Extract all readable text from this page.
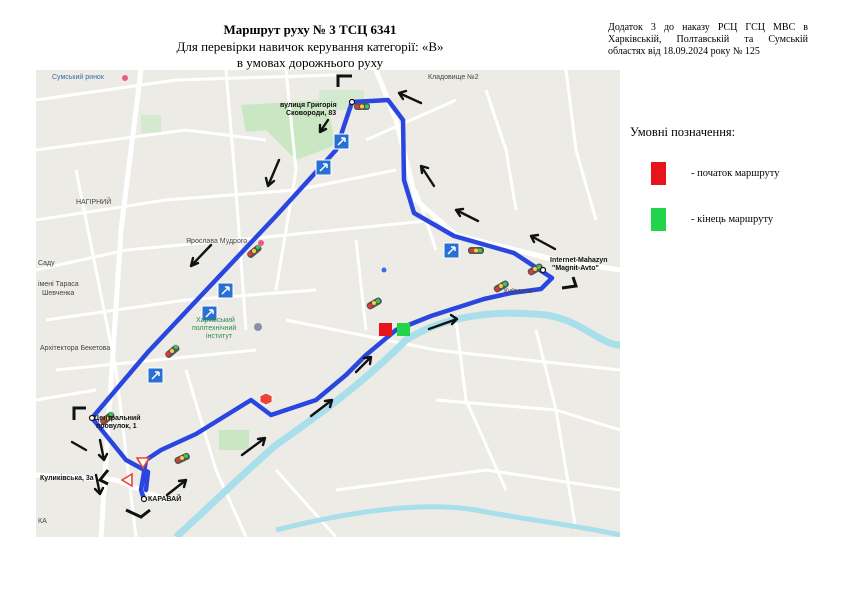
Маршрут руху № 3 ТСЦ 6341
Для перевірки навичок керування категорії: «В»
в умовах дорожнього руху
Додаток 3 до наказу РСЦ ГСЦ МВС в Харківській, Полтавській та Сумській областях від 18.09.2024 року № 125
Умовні позначення:
- початок маршруту
- кінець маршруту
Сумський ринок	Кладовище №2
вулиця Григорія
Сковороди, 83
НАГІРНИЙ
Ярослава Мудрого
Харківський
політехнічний
інститут
Архітектора Бекетова
Центральний
провулок, 1
Куликівська, 3а
КАРАВАЙ
Internet-Mahazyn
"Magnit-Avto"
Київська
Саду
імені Тараса
Шевченка
КА
